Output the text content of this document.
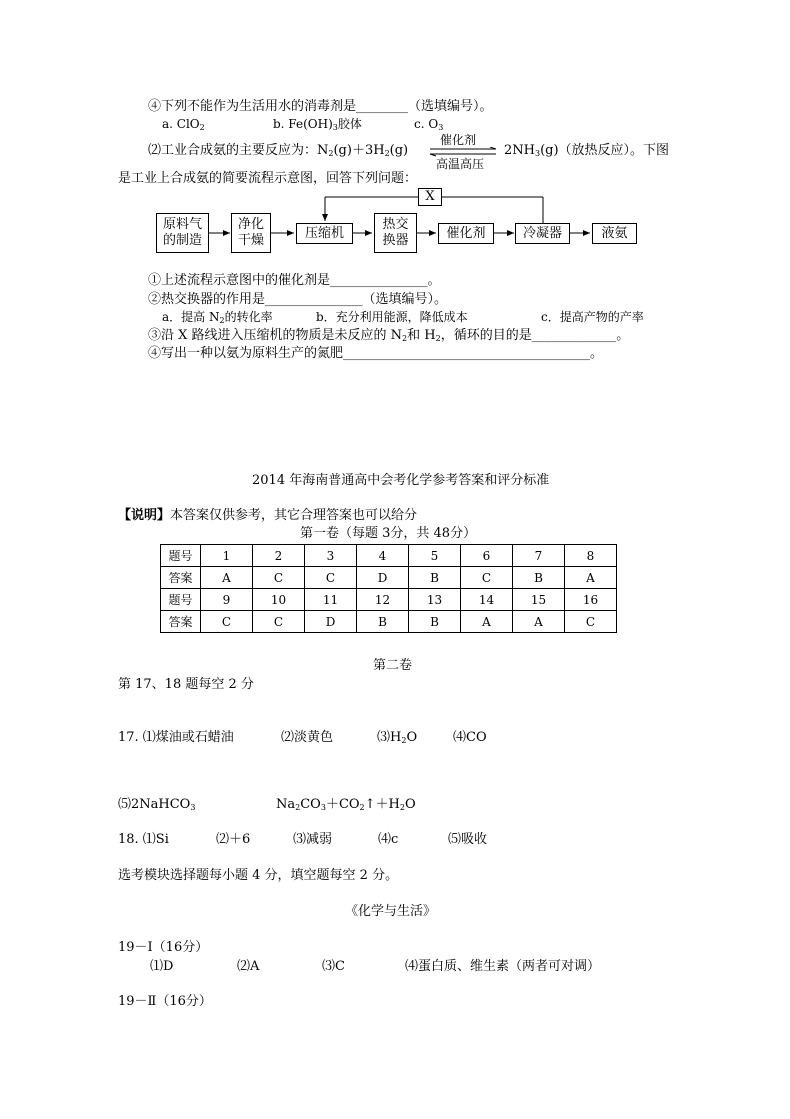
④下列不能作为生活用水的消毒剂是________（选填编号）。
a. ClO$_2$	b. $Fe(OH)_3$胶体	c. $O_3$
⑵工业合成氨的主要反应为：$N_2(g)+3H_2(g)$
催化剂
高温高压
$2NH_3(g)$（放热反应）。下图
是工业上合成氨的简要流程示意图，回答下列问题：
X
原料气
的制造
净化
干燥	压缩机
热交
换器	催化剂	冷凝器	液氨
①上述流程示意图中的催化剂是_______________。
②热交换器的作用是_______________（选填编号）。
a．提高 $N_2$的转化率	b．充分利用能源，降低成本	c．提高产物的产率
③沿 X 路线进入压缩机的物质是未反应的 $N_2$和 $H_2$，循环的目的是_____________。
④写出一种以氨为原料生产的氮肥______________________________________。
2014 年海南普通高中会考化学参考答案和评分标准
【说明】本答案仅供参考，其它合理答案也可以给分
第一卷（每题 3分，共 48分）
题号	1	2	3	4	5	6	7	8
答案	A	C	C	D	B	C	B	A
题号	9	10	11	12	13	14	15	16
答案	C	C	D	B	B	A	A	C
第二卷
第 17、18 题每空 2 分
17. ⑴煤油或石蜡油	⑵淡黄色	$⑶H_2O$	⑷CO
⑸2NaHCO$_3$	$Na_2CO_3+CO_2↑+H_2O$
18. ⑴Si	⑵＋6	⑶减弱	⑷c	⑸吸收
选考模块选择题每小题 4 分，填空题每空 2 分。
《化学与生活》
19－Ⅰ（16分）
⑴D	⑵A	⑶C	⑷蛋白质、维生素（两者可对调）
19－Ⅱ（16分）
